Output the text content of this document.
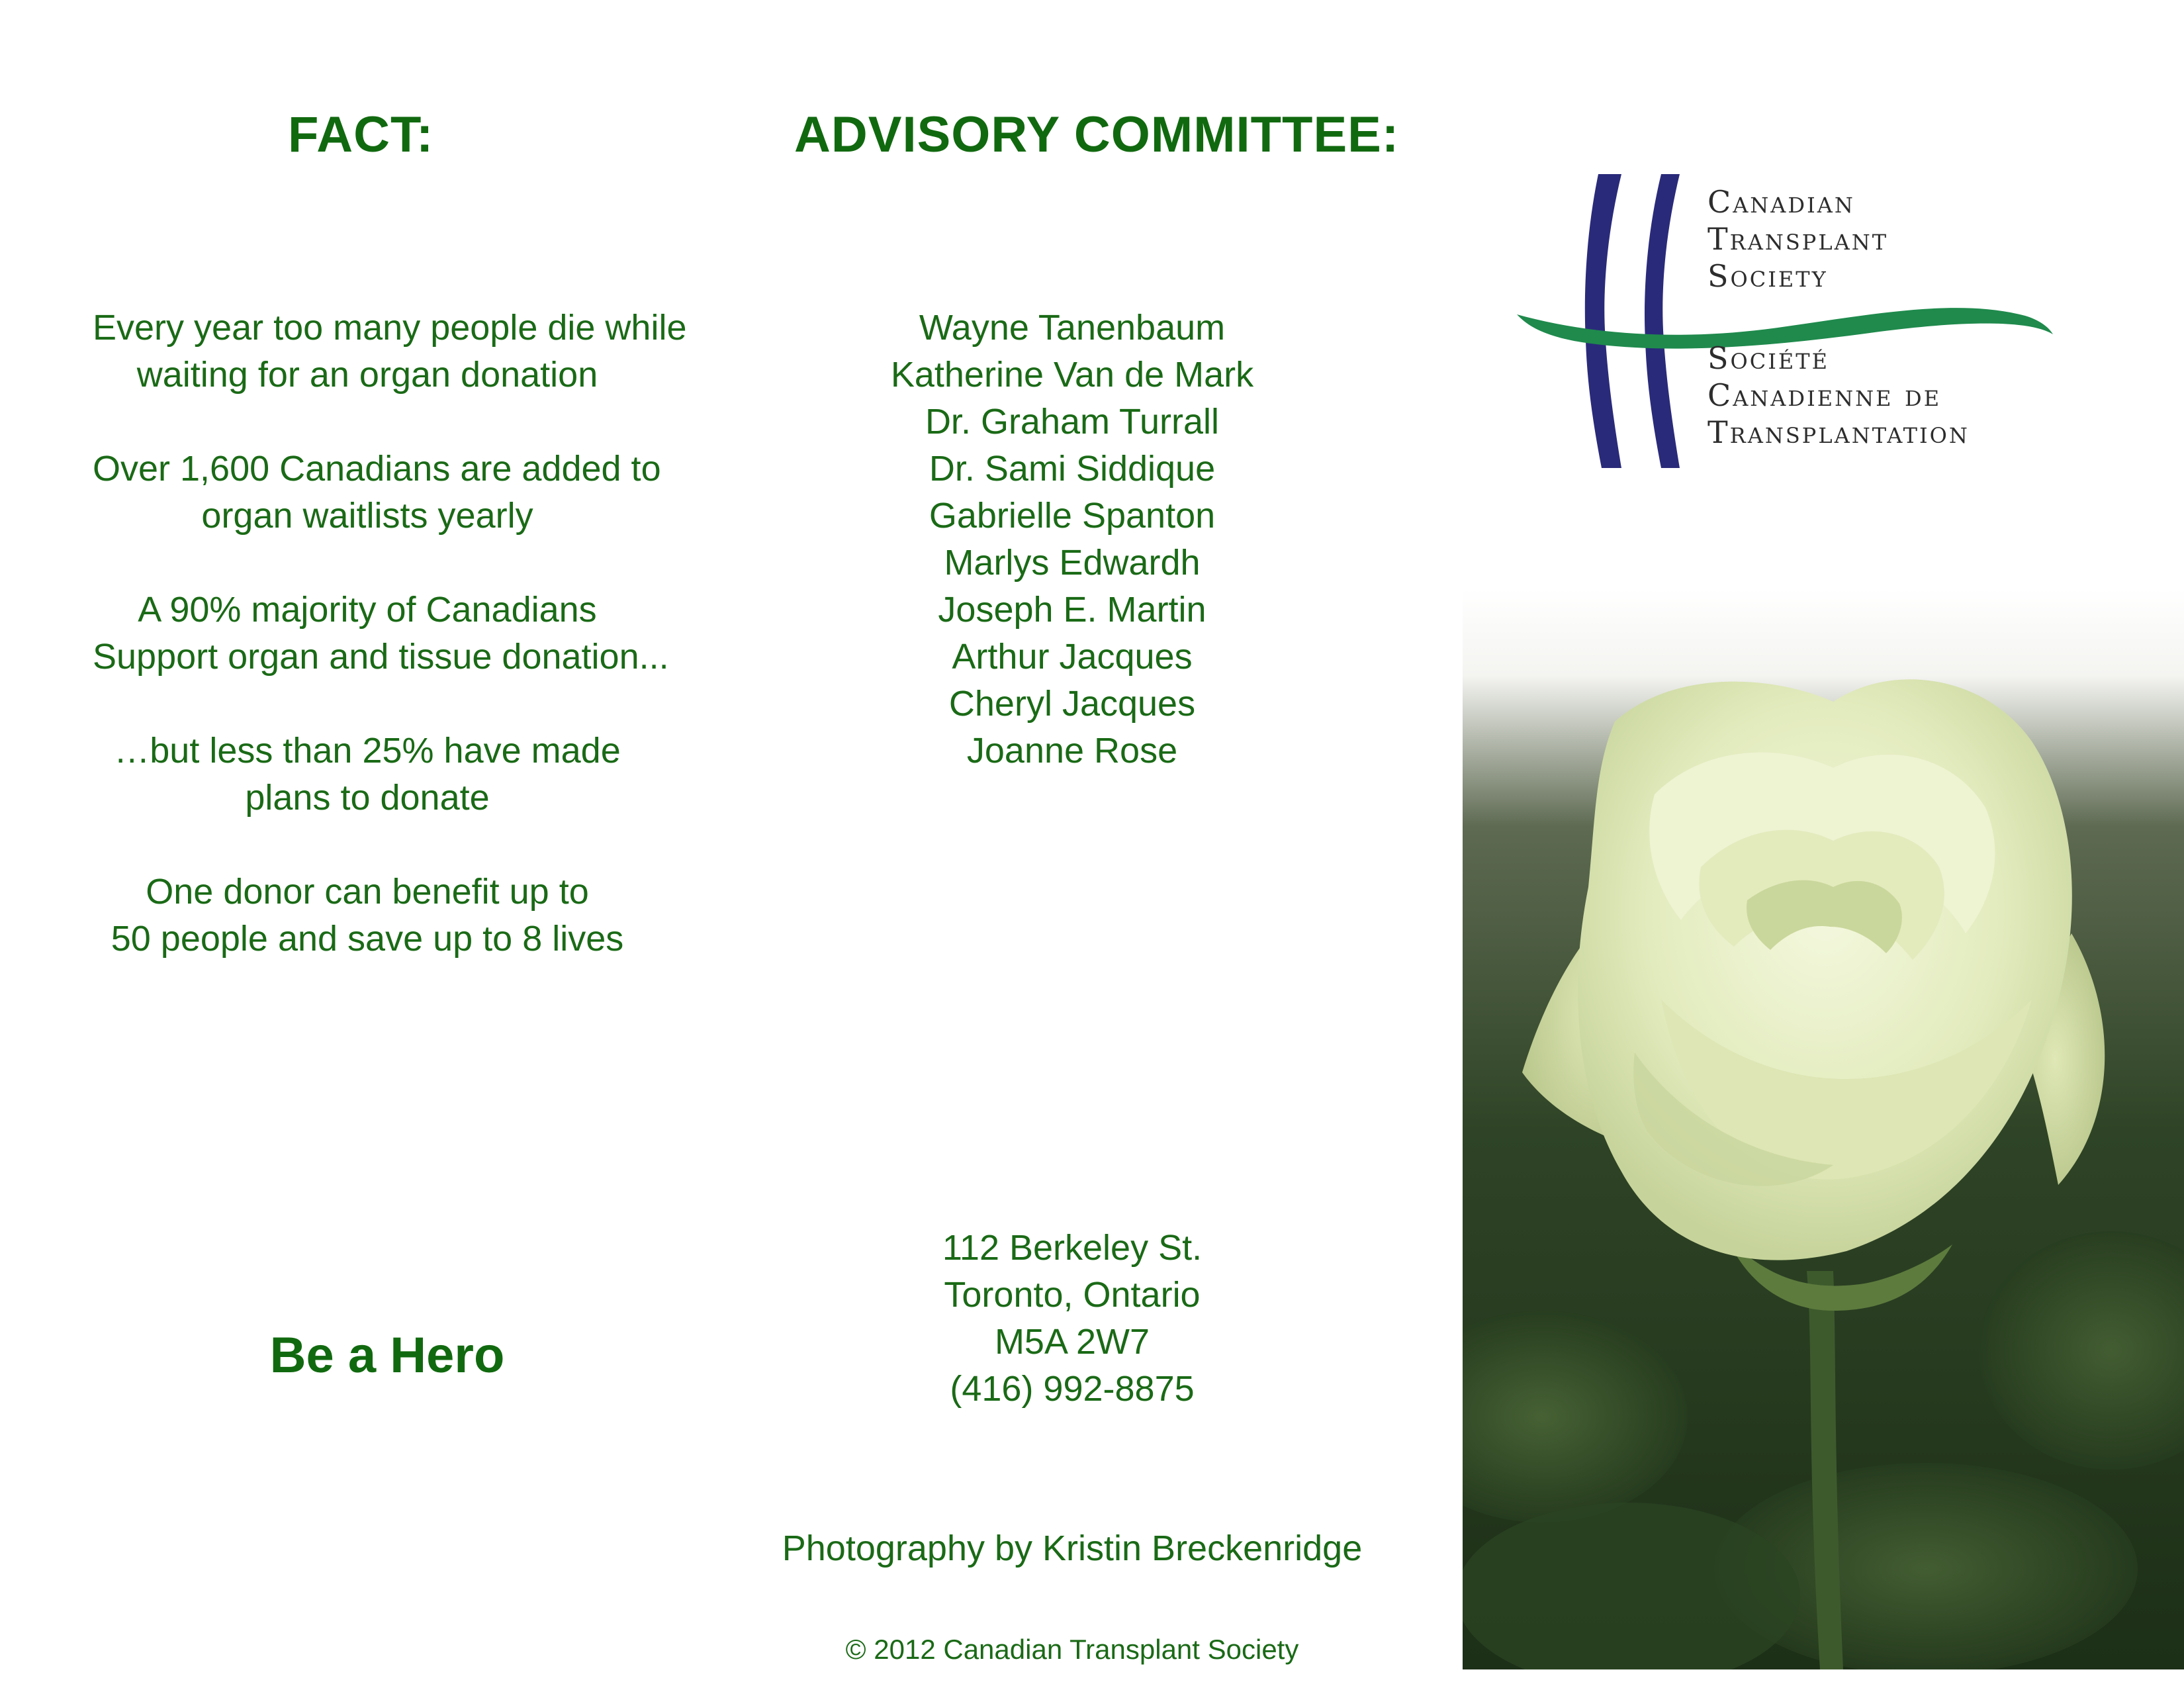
FACT:	ADVISORY COMMITTEE:
Every year too many people die while
waiting for an organ donation
Over 1,600 Canadians are added to
organ waitlists yearly
A 90% majority of Canadians
Support organ and tissue donation...
…but less than 25% have made
plans to donate
One donor can benefit up to
50 people and save up to 8 lives
Wayne Tanenbaum
Katherine Van de Mark
Dr. Graham Turrall
Dr. Sami Siddique
Gabrielle Spanton
Marlys Edwardh
Joseph E. Martin
Arthur Jacques
Cheryl Jacques
Joanne Rose
Be a Hero
112 Berkeley St.
Toronto, Ontario
M5A 2W7
(416) 992-8875
Photography by Kristin Breckenridge
© 2012 Canadian Transplant Society
Canadian
Transplant
Society
Société
Canadienne de
Transplantation
